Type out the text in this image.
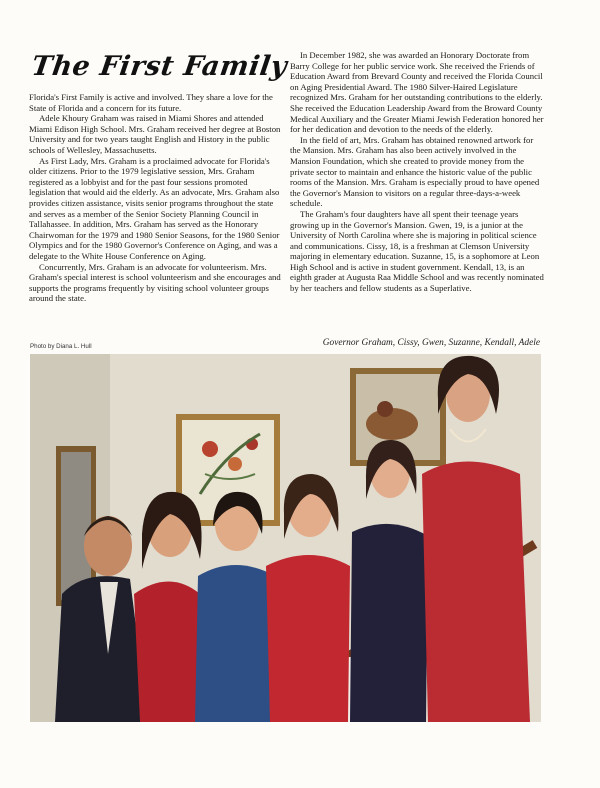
The First Family

Florida's First Family is active and involved. They share a love for the State of Florida and a concern for its future.

Adele Khoury Graham was raised in Miami Shores and attended Miami Edison High School. Mrs. Graham received her degree at Boston University and for two years taught English and History in the public schools of Wellesley, Massachusetts.

As First Lady, Mrs. Graham is a proclaimed advocate for Florida's older citizens. Prior to the 1979 legislative session, Mrs. Graham registered as a lobbyist and for the past four sessions promoted legislation that would aid the elderly. As an advocate, Mrs. Graham also provides citizen assistance, visits senior programs throughout the state and serves as a member of the Senior Society Planning Council in Tallahassee. In addition, Mrs. Graham has served as the Honorary Chairwoman for the 1979 and 1980 Senior Seasons, for the 1980 Senior Olympics and for the 1980 Governor's Conference on Aging, and was a delegate to the White House Conference on Aging.

Concurrently, Mrs. Graham is an advocate for volunteerism. Mrs. Graham's special interest is school volunteerism and she encourages and supports the programs frequently by visiting school volunteer groups around the state.

In December 1982, she was awarded an Honorary Doctorate from Barry College for her public service work. She received the Friends of Education Award from Brevard County and received the Florida Council on Aging Presidential Award. The 1980 Silver-Haired Legislature recognized Mrs. Graham for her outstanding contributions to the elderly. She received the Education Leadership Award from the Broward County Medical Auxiliary and the Greater Miami Jewish Federation honored her for her dedication and devotion to the needs of the elderly.

In the field of art, Mrs. Graham has obtained renowned artwork for the Mansion. Mrs. Graham has also been actively involved in the Mansion Foundation, which she created to provide money from the private sector to maintain and enhance the historic value of the public rooms of the Mansion. Mrs. Graham is especially proud to have opened the Governor's Mansion to visitors on a regular three-days-a-week schedule.

The Graham's four daughters have all spent their teenage years growing up in the Governor's Mansion. Gwen, 19, is a junior at the University of North Carolina where she is majoring in political science and communications. Cissy, 18, is a freshman at Clemson University majoring in elementary education. Suzanne, 15, is a sophomore at Leon High School and is active in student government. Kendall, 13, is an eighth grader at Augusta Raa Middle School and was recently nominated by her teachers and fellow students as a Superlative.

Photo by Diana L. Hull	Governor Graham, Cissy, Gwen, Suzanne, Kendall, Adele
